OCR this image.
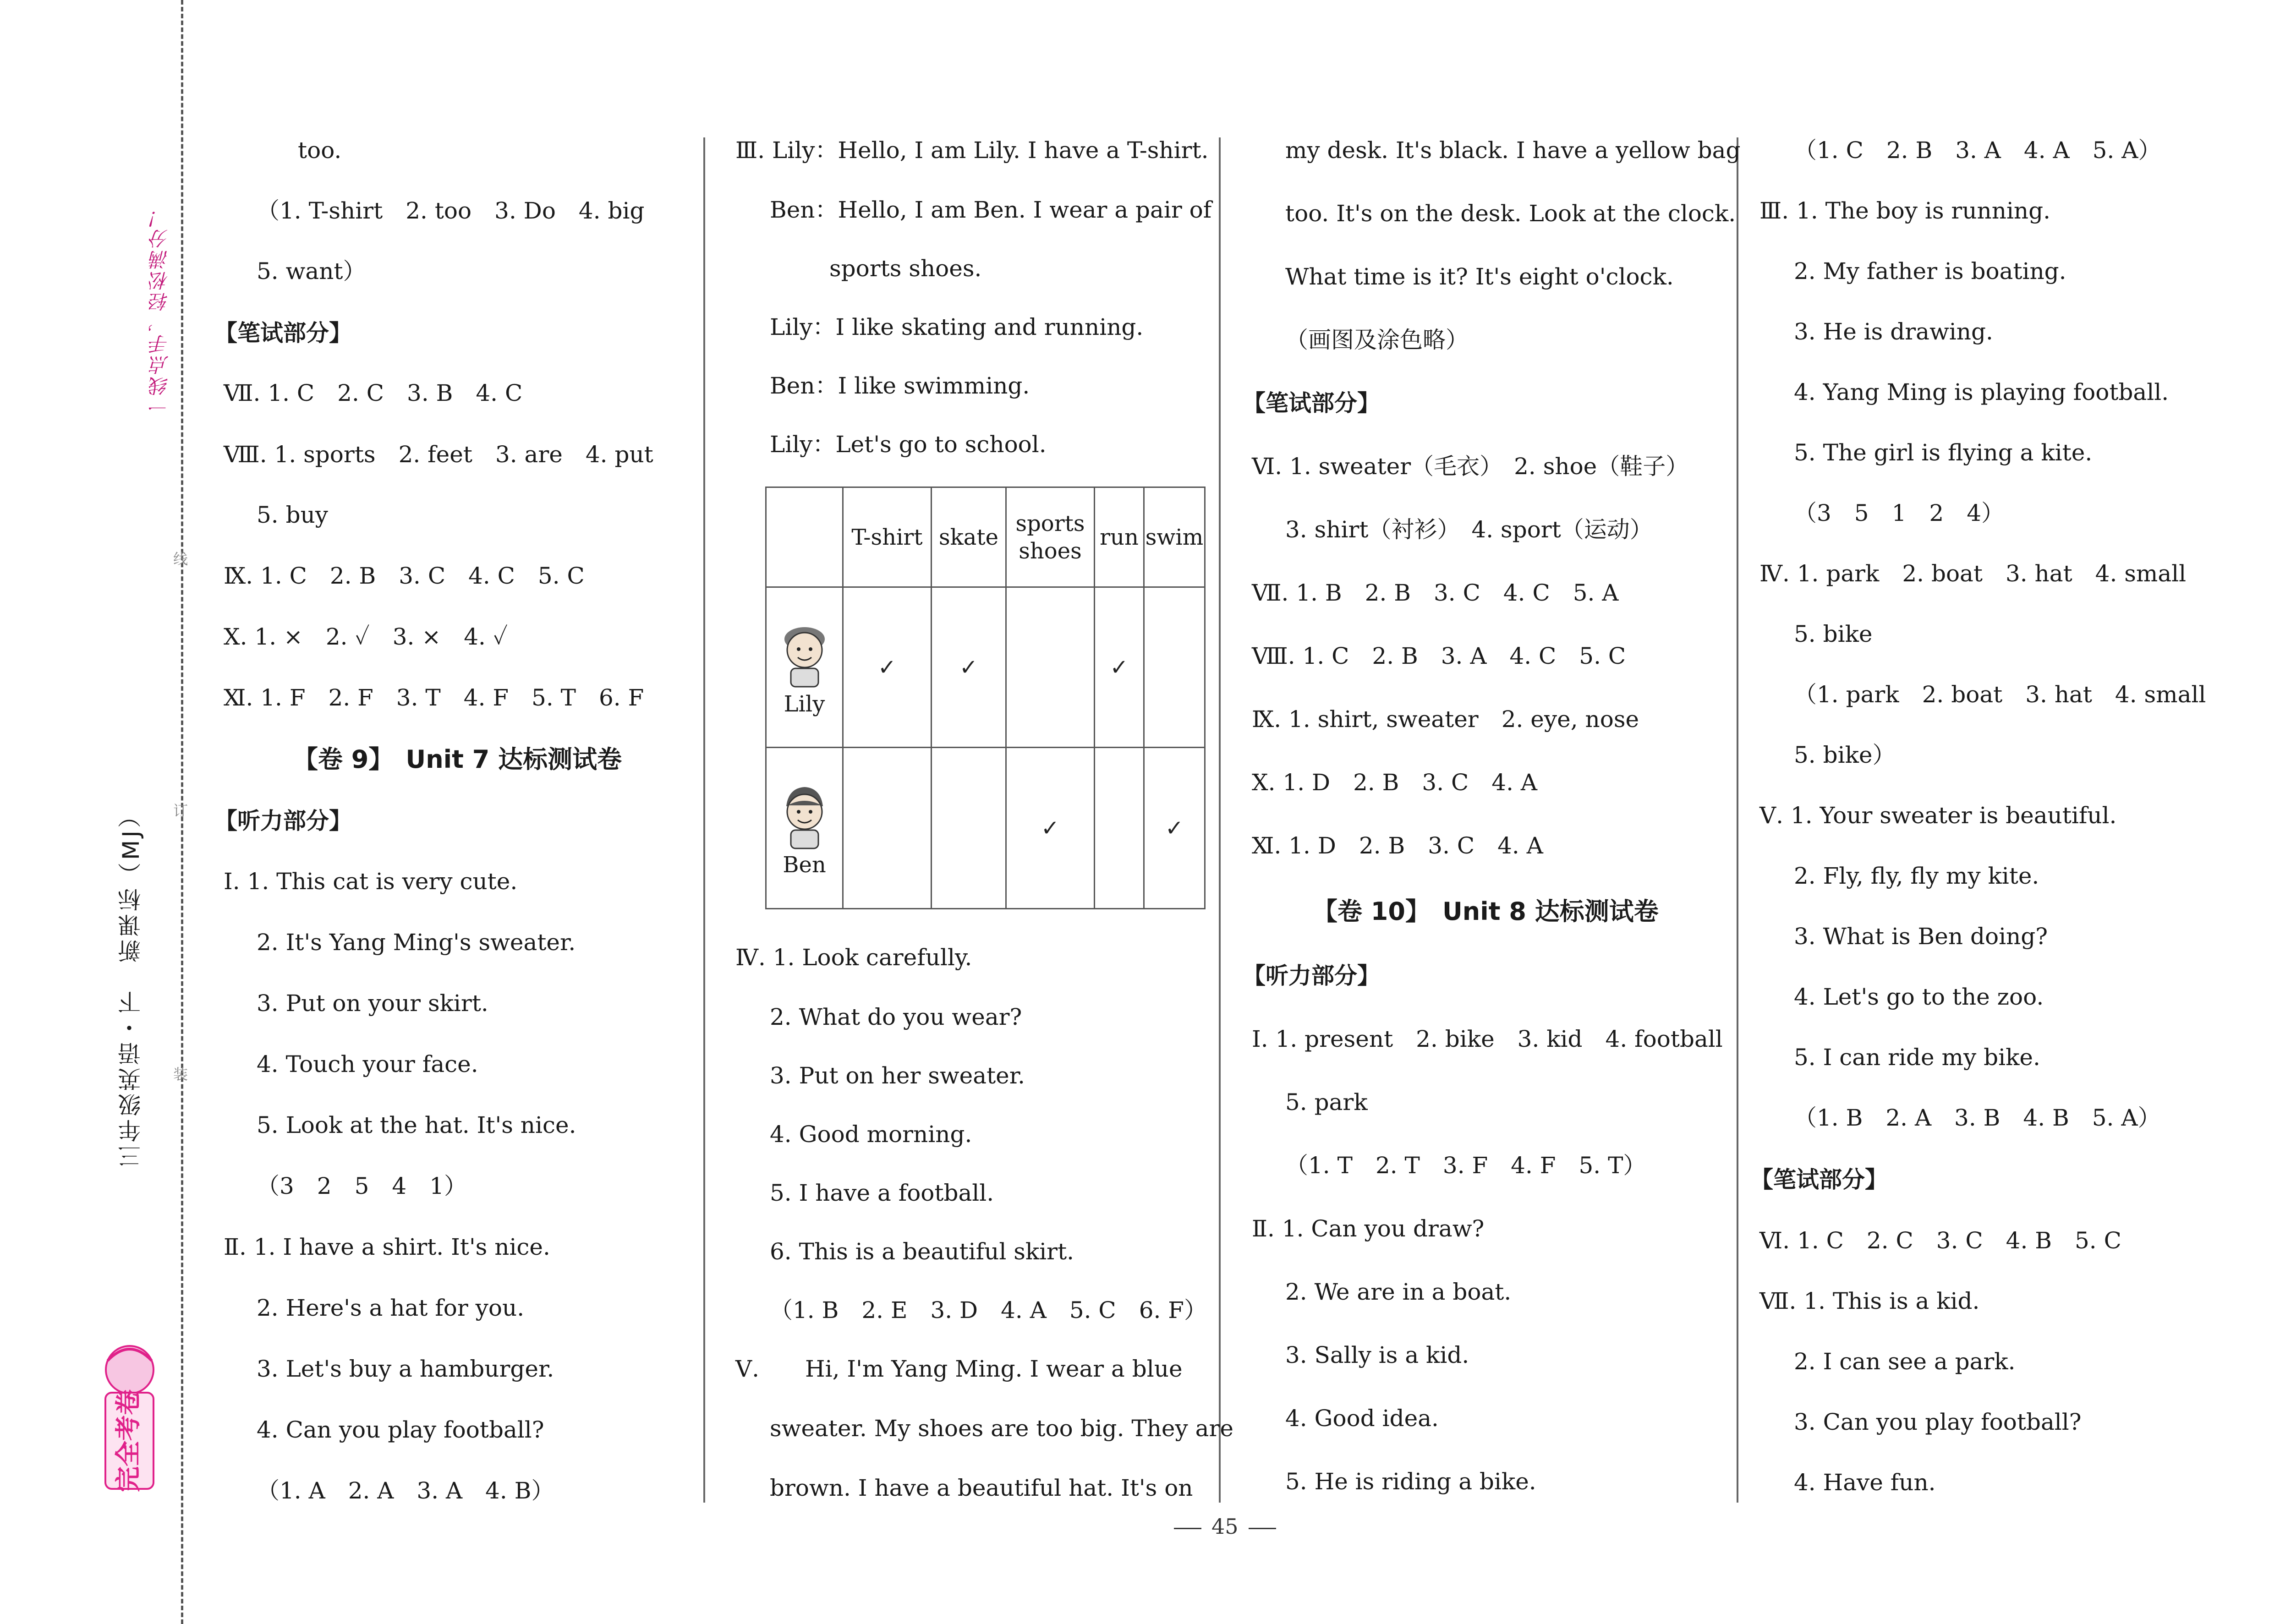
一线点手，轻松满分！
三年级英语・下　新课标（MJ）
线
订
装
完全考卷
too.
（1. T-shirt　2. too　3. Do　4. big
5. want）
【笔试部分】
Ⅶ. 1. C　2. C　3. B　4. C
Ⅷ. 1. sports　2. feet　3. are　4. put
5. buy
Ⅸ. 1. C　2. B　3. C　4. C　5. C
Ⅹ. 1. ×　2. ✓　3. ×　4. ✓
Ⅺ. 1. F　2. F　3. T　4. F　5. T　6. F
【卷 9】　Unit 7 达标测试卷
【听力部分】
Ⅰ. 1. This cat is very cute.
2. It's Yang Ming's sweater.
3. Put on your skirt.
4. Touch your face.
5. Look at the hat. It's nice.
（3　2　5　4　1）
Ⅱ. 1. I have a shirt. It's nice.
2. Here's a hat for you.
3. Let's buy a hamburger.
4. Can you play football?
（1. A　2. A　3. A　4. B）
Ⅲ. Lily：Hello, I am Lily. I have a T-shirt.
Ben：Hello, I am Ben. I wear a pair of
sports shoes.
Lily：I like skating and running.
Ben：I like swimming.
Lily：Let's go to school.
	T-shirt	skate	sports shoes	run	swim

Lily	✓	✓		✓	

Ben			✓		✓
Ⅳ. 1. Look carefully.
2. What do you wear?
3. Put on her sweater.
4. Good morning.
5. I have a football.
6. This is a beautiful skirt.
（1. B　2. E　3. D　4. A　5. C　6. F）
Ⅴ.　　Hi, I'm Yang Ming. I wear a blue
sweater. My shoes are too big. They are
brown. I have a beautiful hat. It's on
my desk. It's black. I have a yellow bag
too. It's on the desk. Look at the clock.
What time is it? It's eight o'clock.
（画图及涂色略）
【笔试部分】
Ⅵ. 1. sweater（毛衣）　2. shoe（鞋子）
3. shirt（衬衫）　4. sport（运动）
Ⅶ. 1. B　2. B　3. C　4. C　5. A
Ⅷ. 1. C　2. B　3. A　4. C　5. C
Ⅸ. 1. shirt, sweater　2. eye, nose
Ⅹ. 1. D　2. B　3. C　4. A
Ⅺ. 1. D　2. B　3. C　4. A
【卷 10】　Unit 8 达标测试卷
【听力部分】
Ⅰ. 1. present　2. bike　3. kid　4. football
5. park
（1. T　2. T　3. F　4. F　5. T）
Ⅱ. 1. Can you draw?
2. We are in a boat.
3. Sally is a kid.
4. Good idea.
5. He is riding a bike.
（1. C　2. B　3. A　4. A　5. A）
Ⅲ. 1. The boy is running.
2. My father is boating.
3. He is drawing.
4. Yang Ming is playing football.
5. The girl is flying a kite.
（3　5　1　2　4）
Ⅳ. 1. park　2. boat　3. hat　4. small
5. bike
（1. park　2. boat　3. hat　4. small
5. bike）
Ⅴ. 1. Your sweater is beautiful.
2. Fly, fly, fly my kite.
3. What is Ben doing?
4. Let's go to the zoo.
5. I can ride my bike.
（1. B　2. A　3. B　4. B　5. A）
【笔试部分】
Ⅵ. 1. C　2. C　3. C　4. B　5. C
Ⅶ. 1. This is a kid.
2. I can see a park.
3. Can you play football?
4. Have fun.
45
